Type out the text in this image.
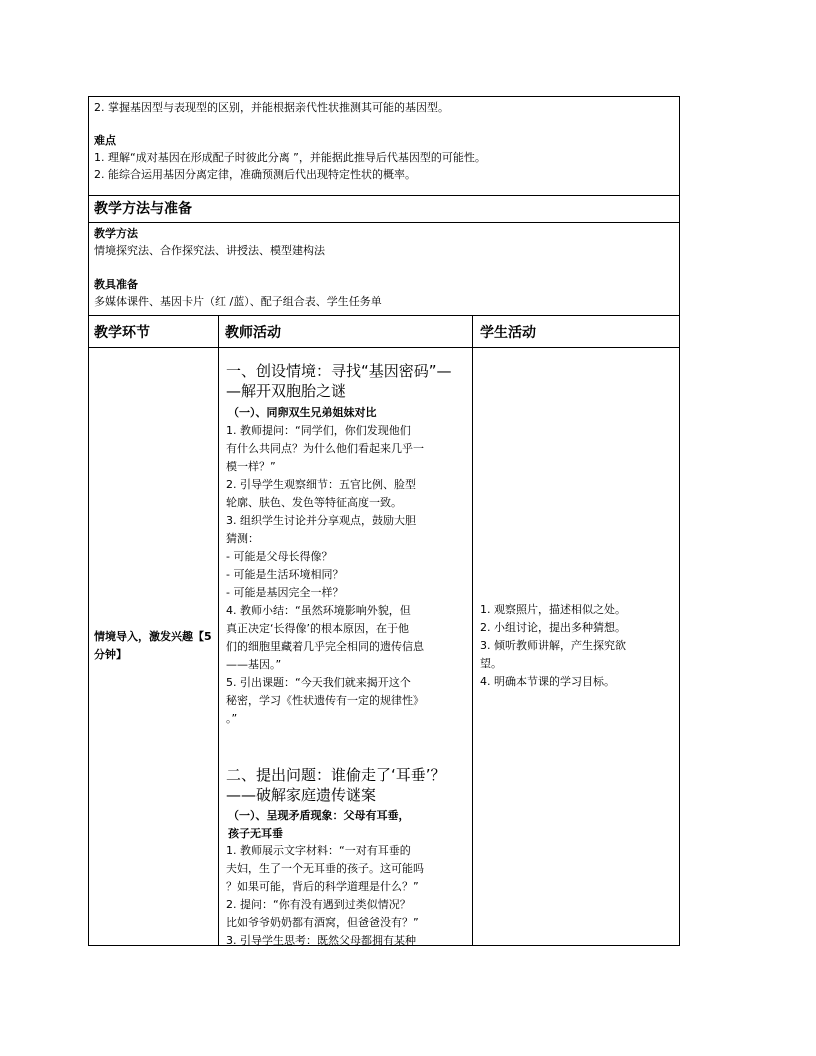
2. 掌握基因型与表现型的区别，并能根据亲代性状推测其可能的基因型。
难点
1. 理解“成对基因在形成配子时彼此分离 ”，并能据此推导后代基因型的可能性。
2. 能综合运用基因分离定律，准确预测后代出现特定性状的概率。
教学方法与准备
教学方法
情境探究法、合作探究法、讲授法、模型建构法
教具准备
多媒体课件、基因卡片（红 /蓝）、配子组合表、学生任务单
教学环节	教师活动	学生活动

情境导入，激发兴趣【5 分钟】

一、创设情境：寻找“基因密码”—
—解开双胞胎之谜
（一）、同卵双生兄弟姐妹对比

1. 教师提问：“同学们，你们发现他们

有什么共同点？为什么他们看起来几乎一

模一样？”

2. 引导学生观察细节：五官比例、脸型

轮廓、肤色、发色等特征高度一致。

3. 组织学生讨论并分享观点，鼓励大胆

猜测：

- 可能是父母长得像？

- 可能是生活环境相同？

- 可能是基因完全一样？

4. 教师小结：“虽然环境影响外貌，但

真正决定‘长得像’的根本原因，在于他

们的细胞里藏着几乎完全相同的遗传信息

——基因。”

5. 引出课题：“今天我们就来揭开这个

秘密，学习《性状遗传有一定的规律性》

。”

二、提出问题：谁偷走了‘耳垂’？
——破解家庭遗传谜案
（一）、呈现矛盾现象：父母有耳垂，
孩子无耳垂

1. 教师展示文字材料：“一对有耳垂的

夫妇，生了一个无耳垂的孩子。这可能吗

？如果可能，背后的科学道理是什么？”

2. 提问：“你有没有遇到过类似情况？

比如爷爷奶奶都有酒窝，但爸爸没有？”

3. 引导学生思考：既然父母都拥有某种

1. 观察照片，描述相似之处。

2. 小组讨论，提出多种猜想。

3. 倾听教师讲解，产生探究欲

望。

4. 明确本节课的学习目标。
